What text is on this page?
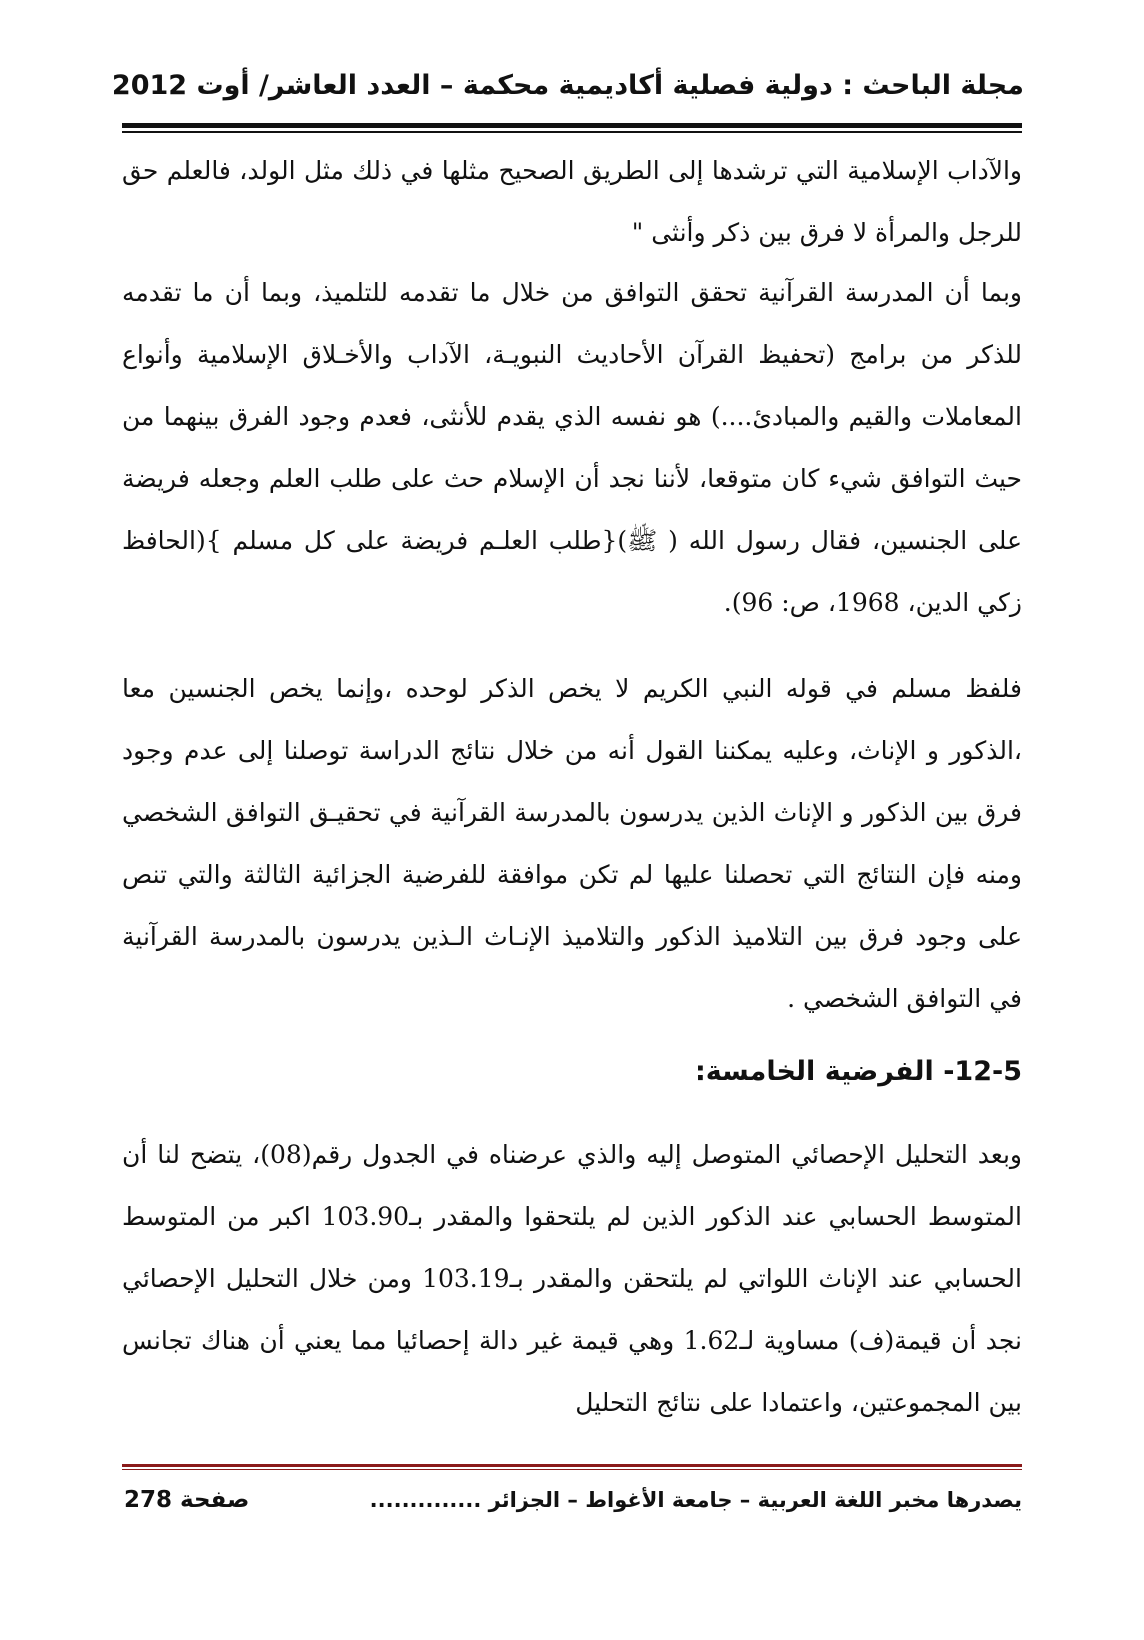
مجلة الباحث : دولية فصلية أكاديمية محكمة – العدد العاشر/ أوت 2012
والآداب الإسلامية التي ترشدها إلى الطريق الصحيح مثلها في ذلك مثل الولد، فالعلم حق للرجل والمرأة لا فرق بين ذكر وأنثى "
وبما أن المدرسة القرآنية تحقق التوافق من خلال ما تقدمه للتلميذ، وبما أن ما تقدمه للذكر من برامج (تحفيظ القرآن الأحاديث النبويـة، الآداب والأخـلاق الإسلامية وأنواع المعاملات والقيم والمبادئ....) هو نفسه الذي يقدم للأنثى، فعدم وجود الفرق بينهما من حيث التوافق شيء كان متوقعا، لأننا نجد أن الإسلام حث على طلب العلم وجعله فريضة على الجنسين، فقال رسول الله ( ﷺ){طلب العلـم فريضة على كل مسلم }(الحافظ زكي الدين، 1968، ص: 96).
فلفظ مسلم في قوله النبي الكريم لا يخص الذكر لوحده ،وإنما يخص الجنسين معا ،الذكور و الإناث، وعليه يمكننا القول أنه من خلال نتائج الدراسة توصلنا إلى عدم وجود فرق بين الذكور و الإناث الذين يدرسون بالمدرسة القرآنية في تحقيـق التوافق الشخصي ومنه فإن النتائج التي تحصلنا عليها لم تكن موافقة للفرضية الجزائية الثالثة والتي تنص على وجود فرق بين التلاميذ الذكور والتلاميذ الإنـاث الـذين يدرسون بالمدرسة القرآنية في التوافق الشخصي .
12-5- الفرضية الخامسة:
وبعد التحليل الإحصائي المتوصل إليه والذي عرضناه في الجدول رقم(08)، يتضح لنا أن المتوسط الحسابي عند الذكور الذين لم يلتحقوا والمقدر بـ103.90 اكبر من المتوسط الحسابي عند الإناث اللواتي لم يلتحقن والمقدر بـ103.19 ومن خلال التحليل الإحصائي نجد أن قيمة(ف) مساوية لـ1.62 وهي قيمة غير دالة إحصائيا مما يعني أن هناك تجانس بين المجموعتين، واعتمادا على نتائج التحليل
يصدرها مخبر اللغة العربية – جامعة الأغواط – الجزائر ..............
صفحة 278
